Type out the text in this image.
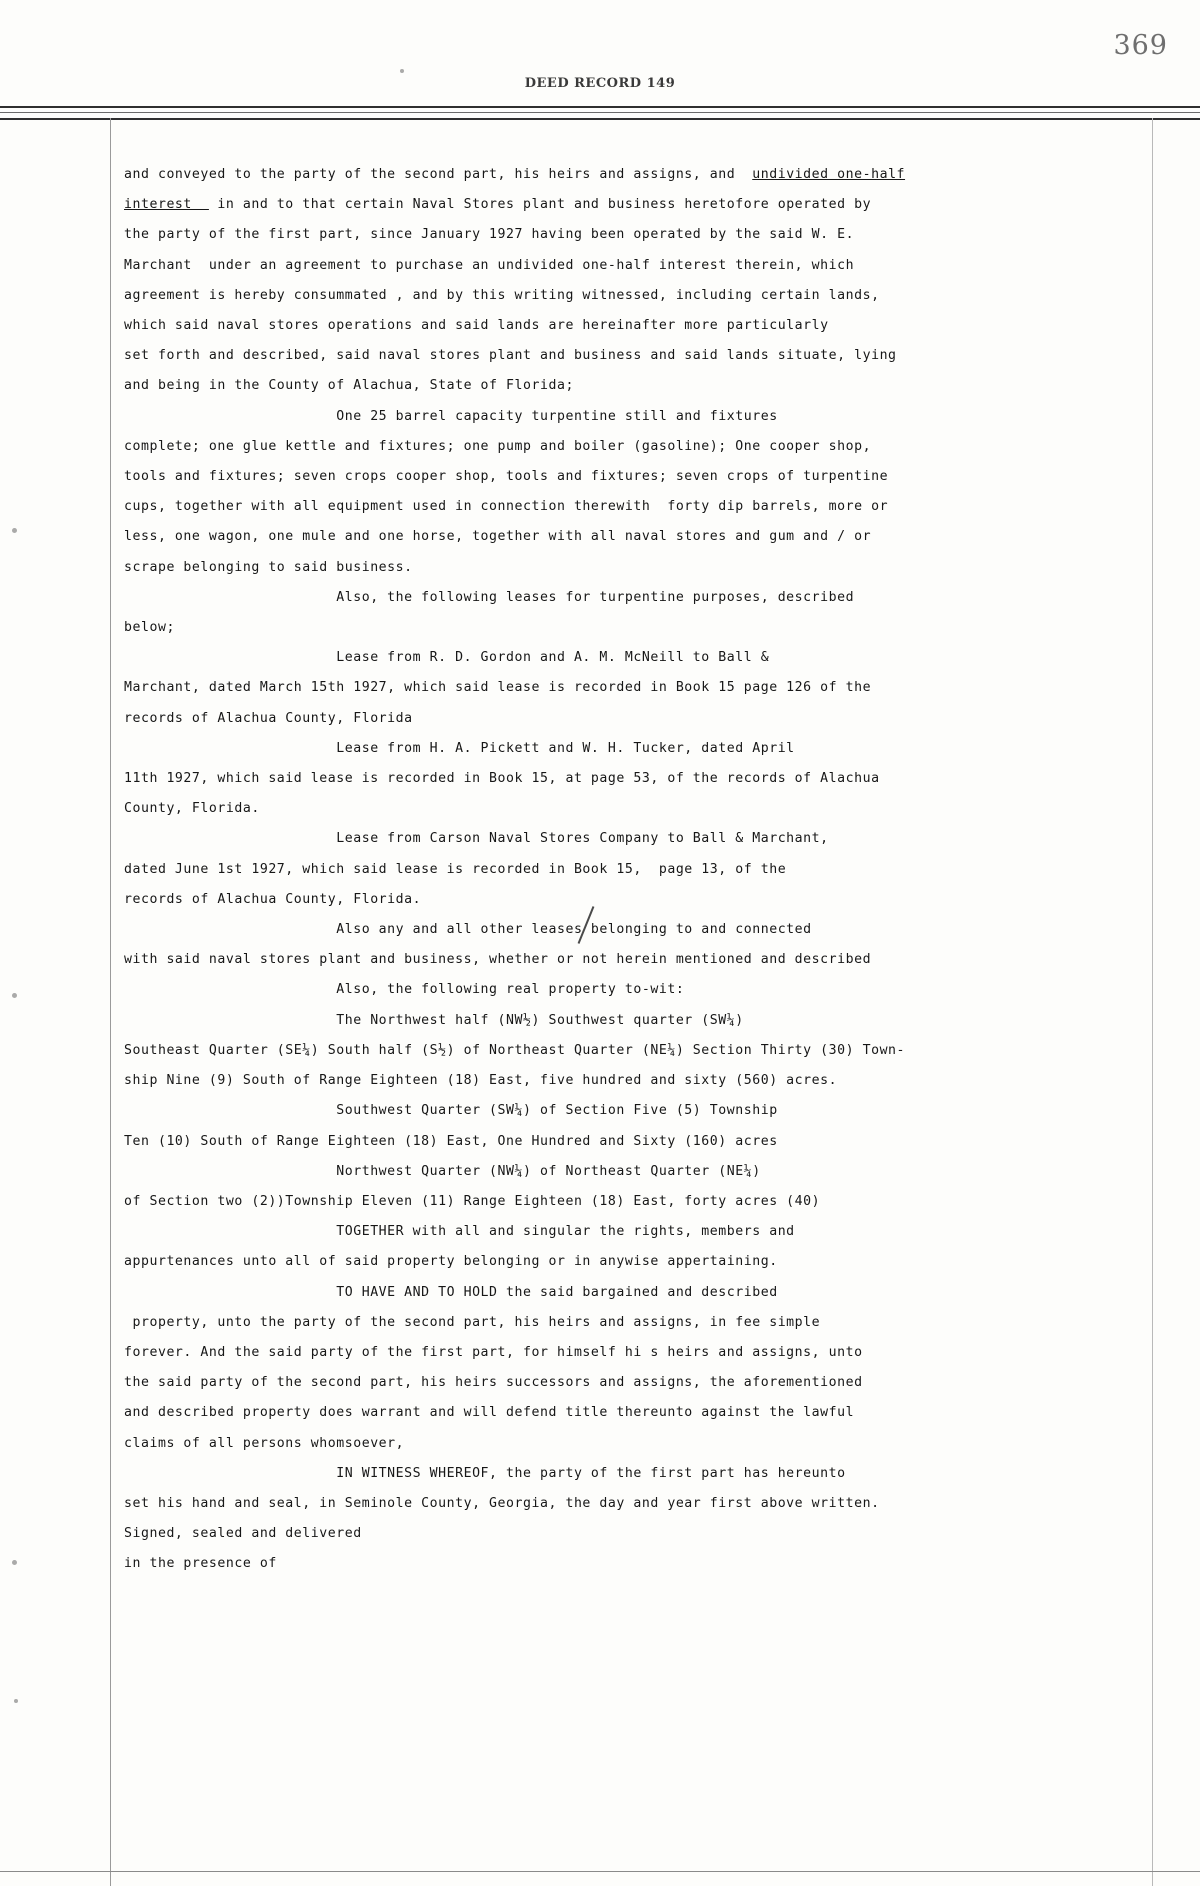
369
DEED RECORD 149
and conveyed to the party of the second part, his heirs and assigns, and  undivided one-half
interest   in and to that certain Naval Stores plant and business heretofore operated by
the party of the first part, since January 1927 having been operated by the said W. E.
Marchant  under an agreement to purchase an undivided one-half interest therein, which
agreement is hereby consummated , and by this writing witnessed, including certain lands,
which said naval stores operations and said lands are hereinafter more particularly
set forth and described, said naval stores plant and business and said lands situate, lying
and being in the County of Alachua, State of Florida;
One 25 barrel capacity turpentine still and fixtures
complete; one glue kettle and fixtures; one pump and boiler (gasoline); One cooper shop,
tools and fixtures; seven crops cooper shop, tools and fixtures; seven crops of turpentine
cups, together with all equipment used in connection therewith  forty dip barrels, more or
less, one wagon, one mule and one horse, together with all naval stores and gum and / or
scrape belonging to said business.
Also, the following leases for turpentine purposes, described
below;
Lease from R. D. Gordon and A. M. McNeill to Ball &
Marchant, dated March 15th 1927, which said lease is recorded in Book 15 page 126 of the
records of Alachua County, Florida
Lease from H. A. Pickett and W. H. Tucker, dated April
11th 1927, which said lease is recorded in Book 15, at page 53, of the records of Alachua
County, Florida.
Lease from Carson Naval Stores Company to Ball & Marchant,
dated June 1st 1927, which said lease is recorded in Book 15,  page 13, of the
records of Alachua County, Florida.
Also any and all other leases belonging to and connected
with said naval stores plant and business, whether or not herein mentioned and described
Also, the following real property to-wit:
The Northwest half (NW½) Southwest quarter (SW¼)
Southeast Quarter (SE¼) South half (S½) of Northeast Quarter (NE¼) Section Thirty (30) Town-
ship Nine (9) South of Range Eighteen (18) East, five hundred and sixty (560) acres.
Southwest Quarter (SW¼) of Section Five (5) Township
Ten (10) South of Range Eighteen (18) East, One Hundred and Sixty (160) acres
Northwest Quarter (NW¼) of Northeast Quarter (NE¼)
of Section two (2))Township Eleven (11) Range Eighteen (18) East, forty acres (40)
TOGETHER with all and singular the rights, members and
appurtenances unto all of said property belonging or in anywise appertaining.
TO HAVE AND TO HOLD the said bargained and described
property, unto the party of the second part, his heirs and assigns, in fee simple
forever. And the said party of the first part, for himself hi s heirs and assigns, unto
the said party of the second part, his heirs successors and assigns, the aforementioned
and described property does warrant and will defend title thereunto against the lawful
claims of all persons whomsoever,
IN WITNESS WHEREOF, the party of the first part has hereunto
set his hand and seal, in Seminole County, Georgia, the day and year first above written.
Signed, sealed and delivered
in the presence of
